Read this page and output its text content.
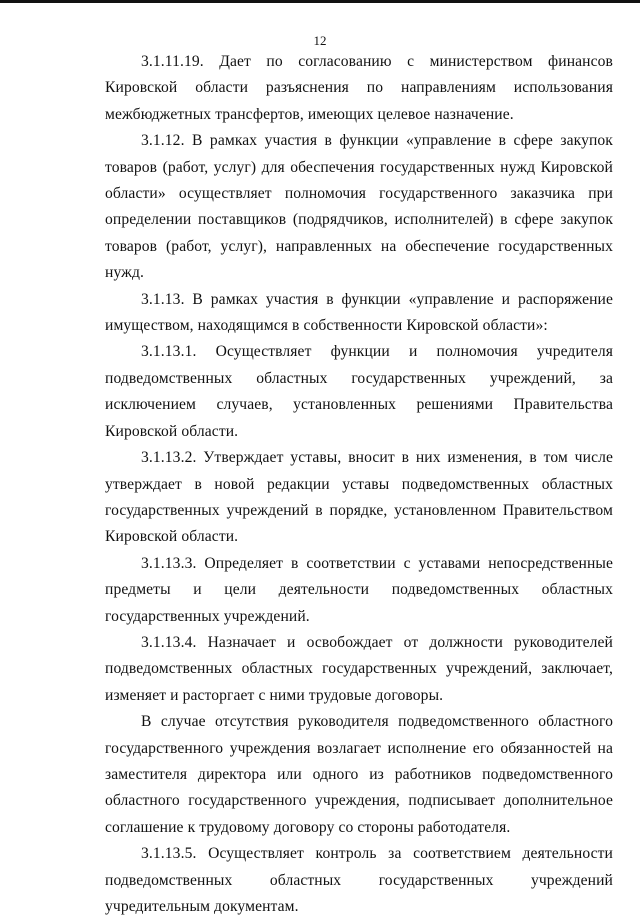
12

3.1.11.19. Дает по согласованию с министерством финансов Кировской области разъяснения по направлениям использования межбюджетных трансфертов, имеющих целевое назначение.

3.1.12. В рамках участия в функции «управление в сфере закупок товаров (работ, услуг) для обеспечения государственных нужд Кировской области» осуществляет полномочия государственного заказчика при определении поставщиков (подрядчиков, исполнителей) в сфере закупок товаров (работ, услуг), направленных на обеспечение государственных нужд.

3.1.13. В рамках участия в функции «управление и распоряжение имуществом, находящимся в собственности Кировской области»:

3.1.13.1. Осуществляет функции и полномочия учредителя подведомственных областных государственных учреждений, за исключением случаев, установленных решениями Правительства Кировской области.

3.1.13.2. Утверждает уставы, вносит в них изменения, в том числе утверждает в новой редакции уставы подведомственных областных государственных учреждений в порядке, установленном Правительством Кировской области.

3.1.13.3. Определяет в соответствии с уставами непосредственные предметы и цели деятельности подведомственных областных государственных учреждений.

3.1.13.4. Назначает и освобождает от должности руководителей подведомственных областных государственных учреждений, заключает, изменяет и расторгает с ними трудовые договоры.

В случае отсутствия руководителя подведомственного областного государственного учреждения возлагает исполнение его обязанностей на заместителя директора или одного из работников подведомственного областного государственного учреждения, подписывает дополнительное соглашение к трудовому договору со стороны работодателя.

3.1.13.5. Осуществляет контроль за соответствием деятельности подведомственных областных государственных учреждений учредительным документам.
